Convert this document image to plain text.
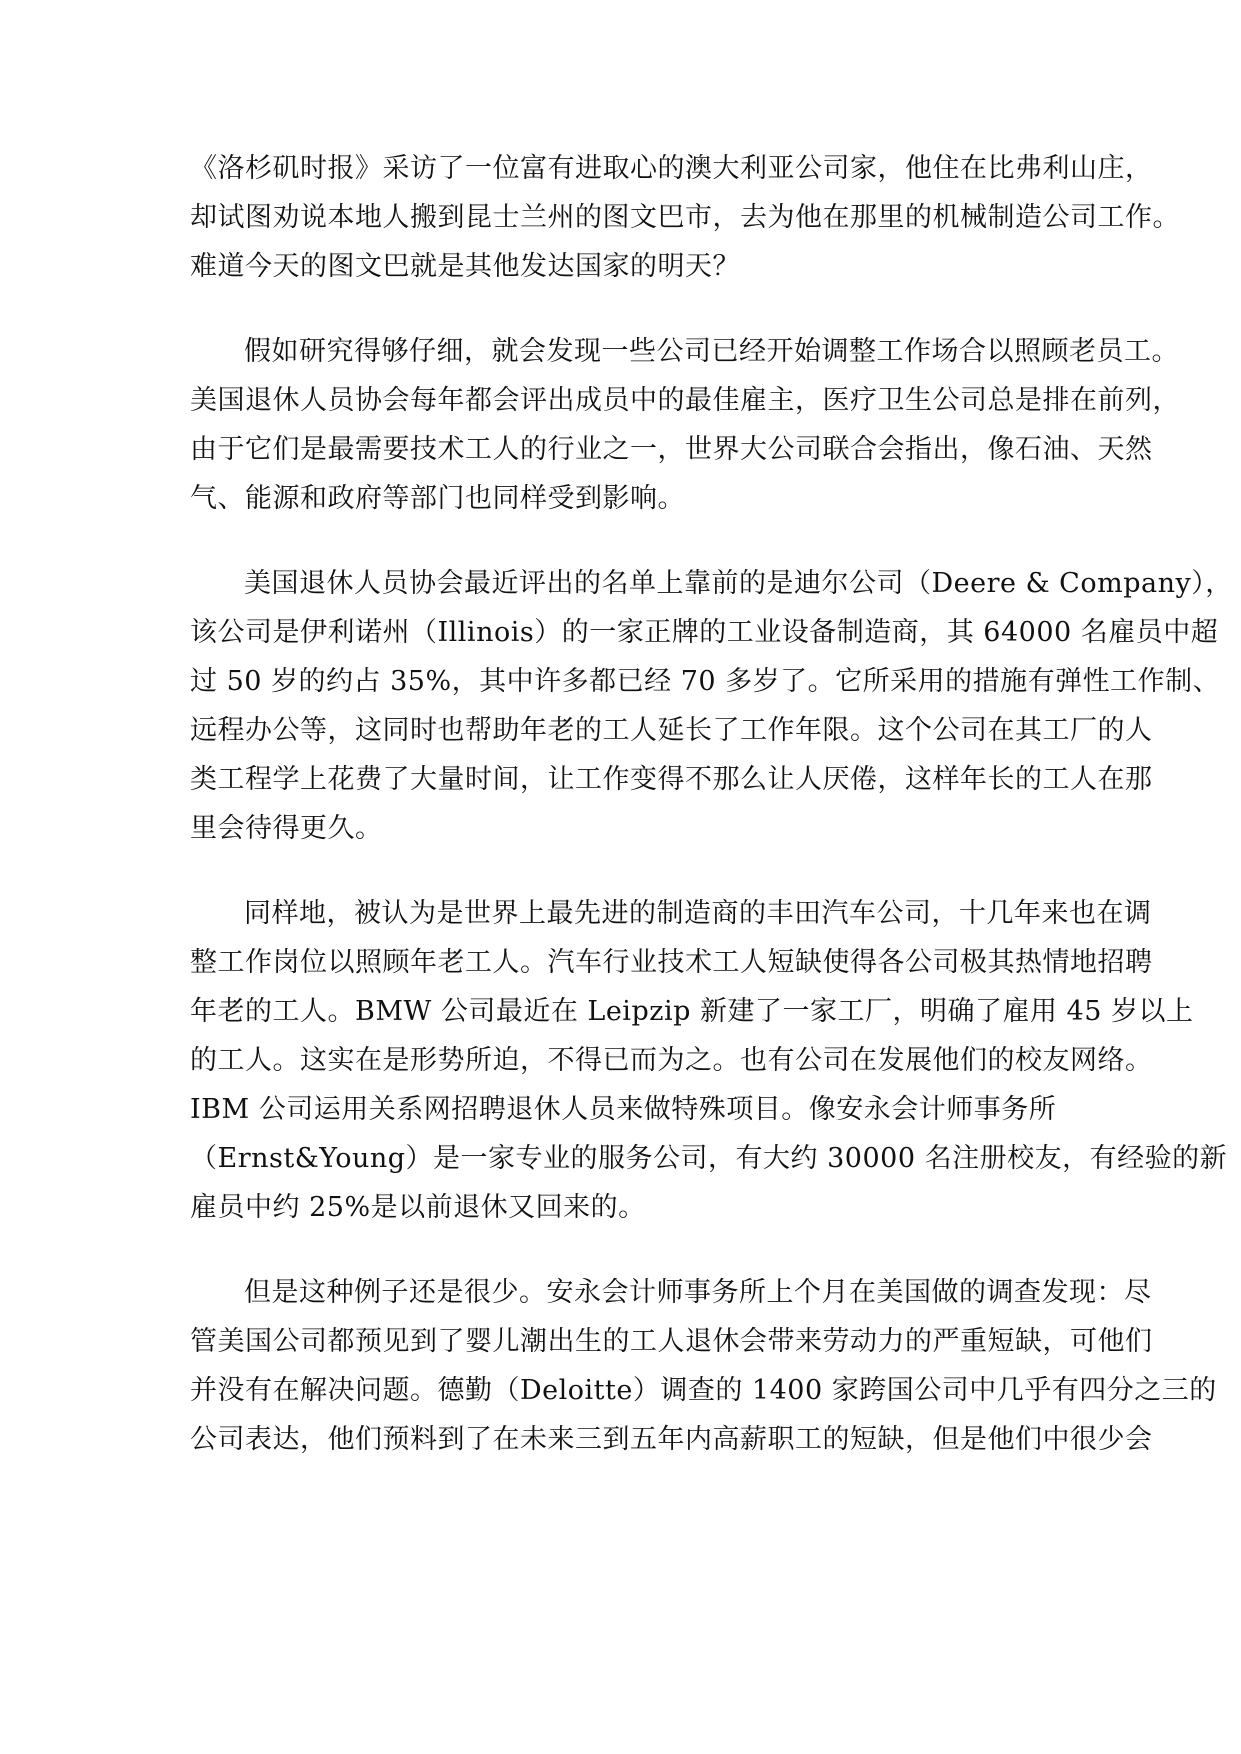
《洛杉矶时报》采访了一位富有进取心的澳大利亚公司家，他住在比弗利山庄，
却试图劝说本地人搬到昆士兰州的图文巴市，去为他在那里的机械制造公司工作。
难道今天的图文巴就是其他发达国家的明天？
假如研究得够仔细，就会发现一些公司已经开始调整工作场合以照顾老员工。
美国退休人员协会每年都会评出成员中的最佳雇主，医疗卫生公司总是排在前列，
由于它们是最需要技术工人的行业之一，世界大公司联合会指出，像石油、天然
气、能源和政府等部门也同样受到影响。
美国退休人员协会最近评出的名单上靠前的是迪尔公司（Deere & Company），
该公司是伊利诺州（Illinois）的一家正牌的工业设备制造商，其 64000 名雇员中超
过 50 岁的约占 35%，其中许多都已经 70 多岁了。它所采用的措施有弹性工作制、
远程办公等，这同时也帮助年老的工人延长了工作年限。这个公司在其工厂的人
类工程学上花费了大量时间，让工作变得不那么让人厌倦，这样年长的工人在那
里会待得更久。
同样地，被认为是世界上最先进的制造商的丰田汽车公司，十几年来也在调
整工作岗位以照顾年老工人。汽车行业技术工人短缺使得各公司极其热情地招聘
年老的工人。BMW 公司最近在 Leipzip 新建了一家工厂，明确了雇用 45 岁以上
的工人。这实在是形势所迫，不得已而为之。也有公司在发展他们的校友网络。
IBM 公司运用关系网招聘退休人员来做特殊项目。像安永会计师事务所
（Ernst&Young）是一家专业的服务公司，有大约 30000 名注册校友，有经验的新
雇员中约 25%是以前退休又回来的。
但是这种例子还是很少。安永会计师事务所上个月在美国做的调查发现：尽
管美国公司都预见到了婴儿潮出生的工人退休会带来劳动力的严重短缺，可他们
并没有在解决问题。德勤（Deloitte）调查的 1400 家跨国公司中几乎有四分之三的
公司表达，他们预料到了在未来三到五年内高薪职工的短缺，但是他们中很少会
